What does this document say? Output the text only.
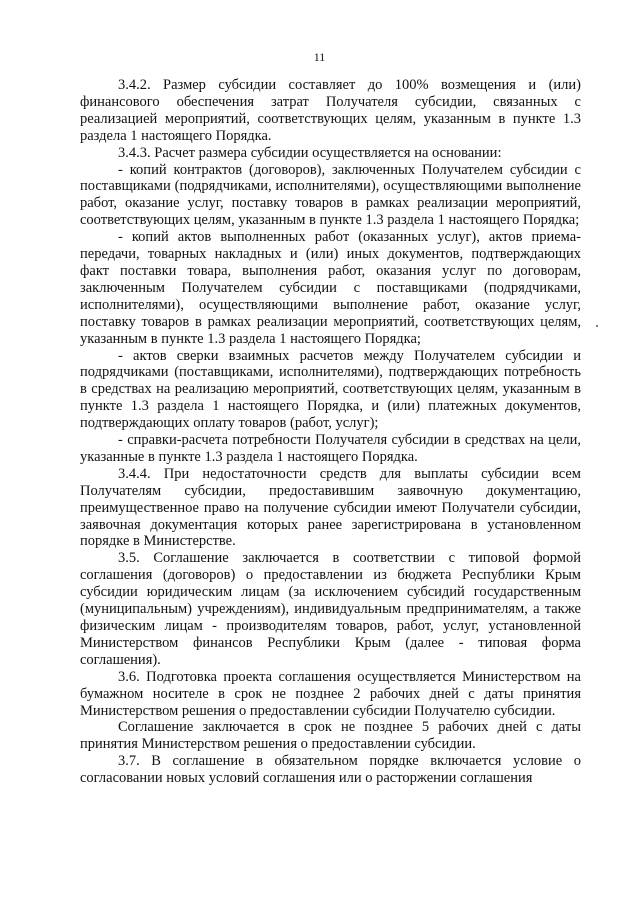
11

3.4.2. Размер субсидии составляет до 100% возмещения и (или) финансового обеспечения затрат Получателя субсидии, связанных с реализацией мероприятий, соответствующих целям, указанным в пункте 1.3 раздела 1 настоящего Порядка.

3.4.3. Расчет размера субсидии осуществляется на основании:

- копий контрактов (договоров), заключенных Получателем субсидии с поставщиками (подрядчиками, исполнителями), осуществляющими выполнение работ, оказание услуг, поставку товаров в рамках реализации мероприятий, соответствующих целям, указанным в пункте 1.3 раздела 1 настоящего Порядка;

- копий актов выполненных работ (оказанных услуг), актов приема-передачи, товарных накладных и (или) иных документов, подтверждающих факт поставки товара, выполнения работ, оказания услуг по договорам, заключенным Получателем субсидии с поставщиками (подрядчиками, исполнителями), осуществляющими выполнение работ, оказание услуг, поставку товаров в рамках реализации мероприятий, соответствующих целям, указанным в пункте 1.3 раздела 1 настоящего Порядка;

- актов сверки взаимных расчетов между Получателем субсидии и подрядчиками (поставщиками, исполнителями), подтверждающих потребность в средствах на реализацию мероприятий, соответствующих целям, указанным в пункте 1.3 раздела 1 настоящего Порядка, и (или) платежных документов, подтверждающих оплату товаров (работ, услуг);

- справки-расчета потребности Получателя субсидии в средствах на цели, указанные в пункте 1.3 раздела 1 настоящего Порядка.

3.4.4. При недостаточности средств для выплаты субсидии всем Получателям субсидии, предоставившим заявочную документацию, преимущественное право на получение субсидии имеют Получатели субсидии, заявочная документация которых ранее зарегистрирована в установленном порядке в Министерстве.

3.5. Соглашение заключается в соответствии с типовой формой соглашения (договоров) о предоставлении из бюджета Республики Крым субсидии юридическим лицам (за исключением субсидий государственным (муниципальным) учреждениям), индивидуальным предпринимателям, а также физическим лицам - производителям товаров, работ, услуг, установленной Министерством финансов Республики Крым (далее - типовая форма соглашения).

3.6. Подготовка проекта соглашения осуществляется Министерством на бумажном носителе в срок не позднее 2 рабочих дней с даты принятия Министерством решения о предоставлении субсидии Получателю субсидии.

Соглашение заключается в срок не позднее 5 рабочих дней с даты принятия Министерством решения о предоставлении субсидии.

3.7. В соглашение в обязательном порядке включается условие о согласовании новых условий соглашения или о расторжении соглашения
